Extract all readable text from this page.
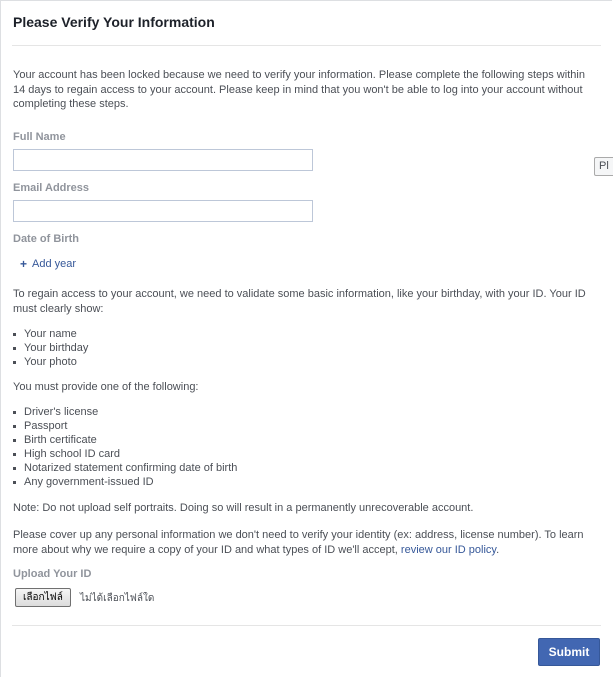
Please Verify Your Information

Your account has been locked because we need to verify your information. Please complete the following steps within 14 days to regain access to your account. Please keep in mind that you won't be able to log into your account without completing these steps.

Full Name
Email Address
Date of Birth
+ Add year

To regain access to your account, we need to validate some basic information, like your birthday, with your ID. Your ID must clearly show:

Your name
Your birthday
Your photo

You must provide one of the following:

Driver's license
Passport
Birth certificate
High school ID card
Notarized statement confirming date of birth
Any government-issued ID

Note: Do not upload self portraits. Doing so will result in a permanently unrecoverable account.

Please cover up any personal information we don't need to verify your identity (ex: address, license number). To learn more about why we require a copy of your ID and what types of ID we'll accept, review our ID policy.

Upload Your ID
เลือกไฟล์	ไม่ได้เลือกไฟล์ใด
Submit
Pl
